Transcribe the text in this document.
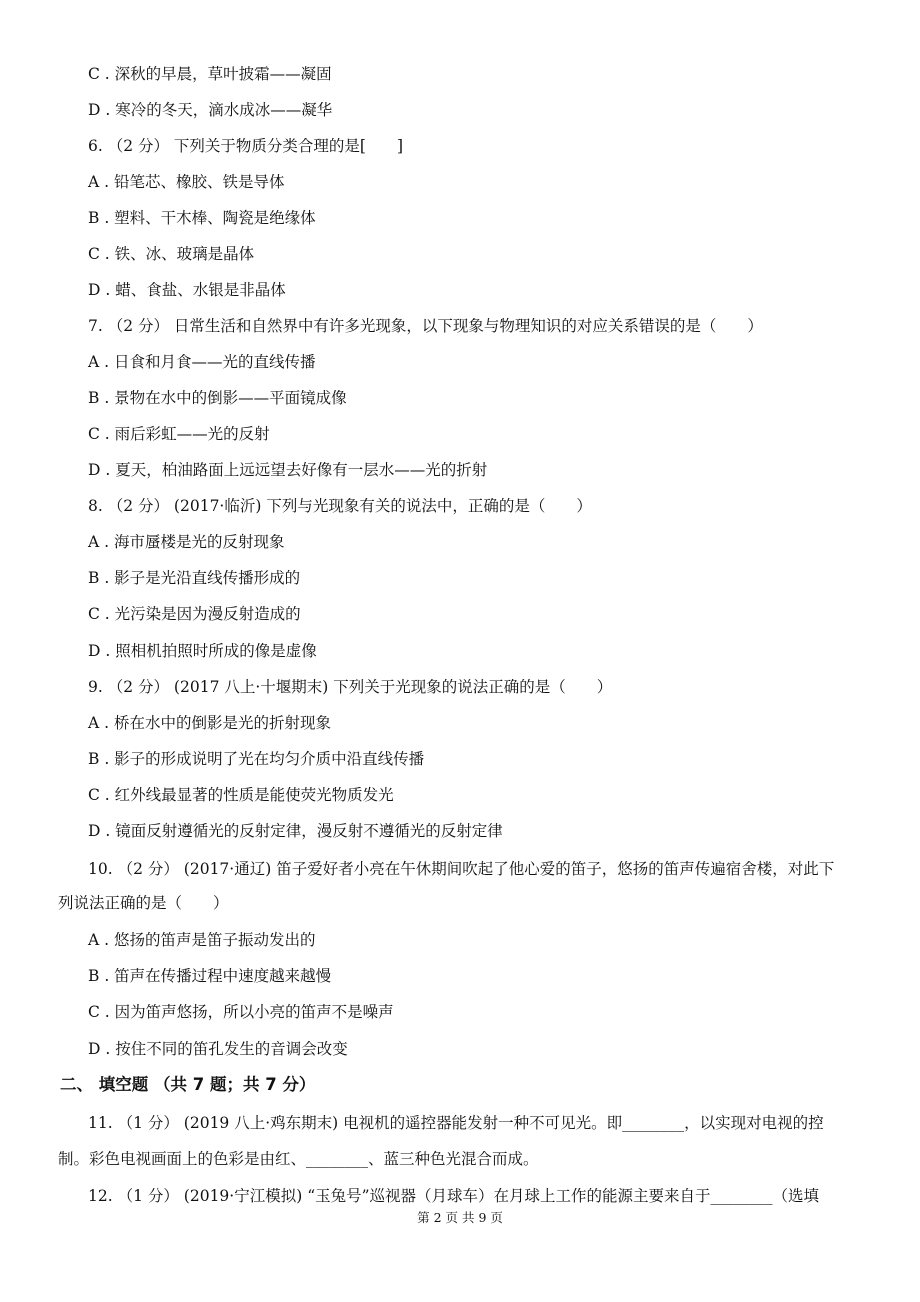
C . 深秋的早晨，草叶披霜——凝固
D . 寒冷的冬天，滴水成冰——凝华
6. （2 分） 下列关于物质分类合理的是[　　]
A . 铅笔芯、橡胶、铁是导体
B . 塑料、干木棒、陶瓷是绝缘体
C . 铁、冰、玻璃是晶体
D . 蜡、食盐、水银是非晶体
7. （2 分） 日常生活和自然界中有许多光现象，以下现象与物理知识的对应关系错误的是（　　）
A . 日食和月食——光的直线传播
B . 景物在水中的倒影——平面镜成像
C . 雨后彩虹——光的反射
D . 夏天，柏油路面上远远望去好像有一层水——光的折射
8. （2 分） (2017·临沂) 下列与光现象有关的说法中，正确的是（　　）
A . 海市蜃楼是光的反射现象
B . 影子是光沿直线传播形成的
C . 光污染是因为漫反射造成的
D . 照相机拍照时所成的像是虚像
9. （2 分） (2017 八上·十堰期末) 下列关于光现象的说法正确的是（　　）
A . 桥在水中的倒影是光的折射现象
B . 影子的形成说明了光在均匀介质中沿直线传播
C . 红外线最显著的性质是能使荧光物质发光
D . 镜面反射遵循光的反射定律，漫反射不遵循光的反射定律
10. （2 分） (2017·通辽) 笛子爱好者小亮在午休期间吹起了他心爱的笛子，悠扬的笛声传遍宿舍楼，对此下
列说法正确的是（　　）
A . 悠扬的笛声是笛子振动发出的
B . 笛声在传播过程中速度越来越慢
C . 因为笛声悠扬，所以小亮的笛声不是噪声
D . 按住不同的笛孔发生的音调会改变
二、 填空题 （共 7 题；共 7 分）
11. （1 分） (2019 八上·鸡东期末) 电视机的遥控器能发射一种不可见光。即________，以实现对电视的控
制。彩色电视画面上的色彩是由红、________、蓝三种色光混合而成。
12. （1 分） (2019·宁江模拟) “玉兔号”巡视器（月球车）在月球上工作的能源主要来自于________（选填
第 2 页 共 9 页
